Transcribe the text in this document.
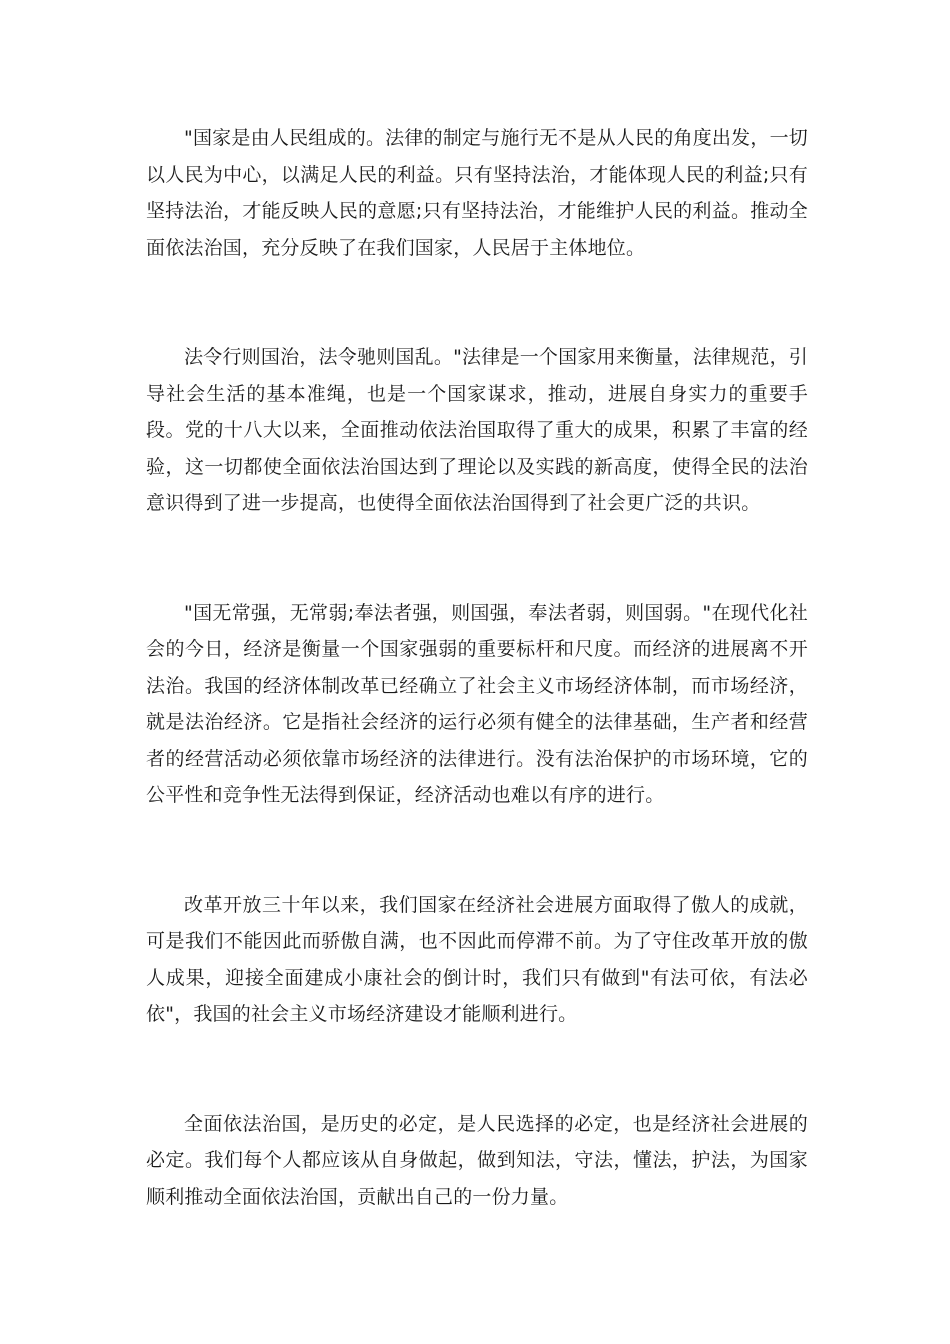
"国家是由人民组成的。法律的制定与施行无不是从人民的角度出发，一切以人民为中心，以满足人民的利益。只有坚持法治，才能体现人民的利益;只有坚持法治，才能反映人民的意愿;只有坚持法治，才能维护人民的利益。推动全面依法治国，充分反映了在我们国家，人民居于主体地位。

法令行则国治，法令驰则国乱。"法律是一个国家用来衡量，法律规范，引导社会生活的基本准绳，也是一个国家谋求，推动，进展自身实力的重要手段。党的十八大以来，全面推动依法治国取得了重大的成果，积累了丰富的经验，这一切都使全面依法治国达到了理论以及实践的新高度，使得全民的法治意识得到了进一步提高，也使得全面依法治国得到了社会更广泛的共识。

"国无常强，无常弱;奉法者强，则国强，奉法者弱，则国弱。"在现代化社会的今日，经济是衡量一个国家强弱的重要标杆和尺度。而经济的进展离不开法治。我国的经济体制改革已经确立了社会主义市场经济体制，而市场经济，就是法治经济。它是指社会经济的运行必须有健全的法律基础，生产者和经营者的经营活动必须依靠市场经济的法律进行。没有法治保护的市场环境，它的公平性和竞争性无法得到保证，经济活动也难以有序的进行。

改革开放三十年以来，我们国家在经济社会进展方面取得了傲人的成就，可是我们不能因此而骄傲自满，也不因此而停滞不前。为了守住改革开放的傲人成果，迎接全面建成小康社会的倒计时，我们只有做到"有法可依，有法必依"，我国的社会主义市场经济建设才能顺利进行。

全面依法治国，是历史的必定，是人民选择的必定，也是经济社会进展的必定。我们每个人都应该从自身做起，做到知法，守法，懂法，护法，为国家顺利推动全面依法治国，贡献出自己的一份力量。
